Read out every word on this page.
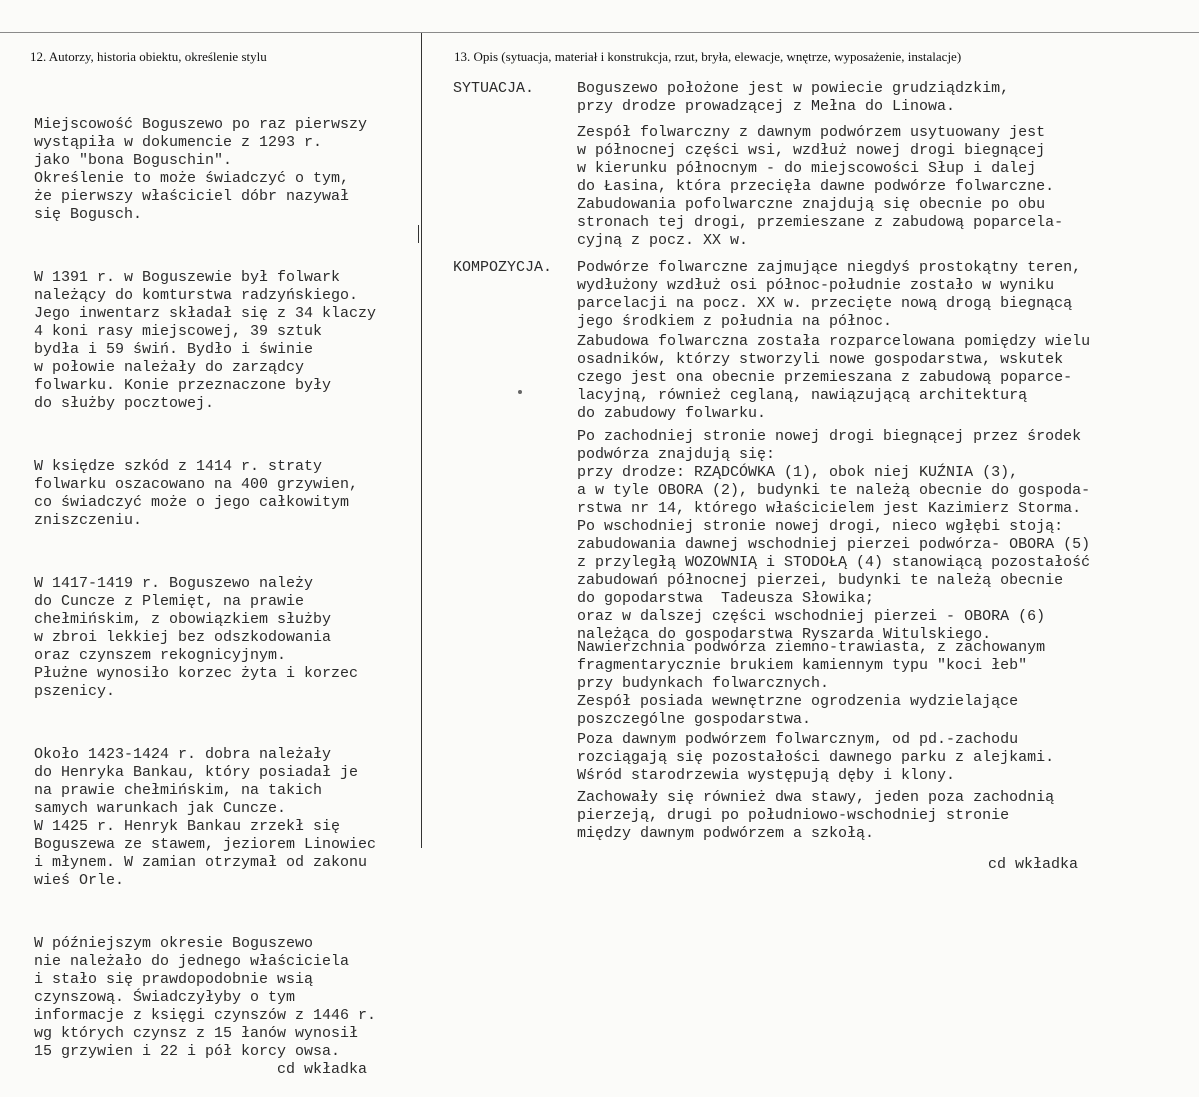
12. Autorzy, historia obiektu, określenie stylu	13. Opis (sytuacja, materiał i konstrukcja, rzut, bryła, elewacje, wnętrze, wyposażenie, instalacje)

Miejscowość Boguszewo po raz pierwszy
wystąpiła w dokumencie z 1293 r.
jako "bona Boguschin".
Określenie to może świadczyć o tym,
że pierwszy właściciel dóbr nazywał
się Bogusch.

W 1391 r. w Boguszewie był folwark
należący do komturstwa radzyńskiego.
Jego inwentarz składał się z 34 klaczy
4 koni rasy miejscowej, 39 sztuk
bydła i 59 świń. Bydło i świnie
w połowie należały do zarządcy
folwarku. Konie przeznaczone były
do służby pocztowej.

W księdze szkód z 1414 r. straty
folwarku oszacowano na 400 grzywien,
co świadczyć może o jego całkowitym
zniszczeniu.

W 1417-1419 r. Boguszewo należy
do Cuncze z Plemięt, na prawie
chełmińskim, z obowiązkiem służby
w zbroi lekkiej bez odszkodowania
oraz czynszem rekognicyjnym.
Płużne wynosiło korzec żyta i korzec
pszenicy.

Około 1423-1424 r. dobra należały
do Henryka Bankau, który posiadał je
na prawie chełmińskim, na takich
samych warunkach jak Cuncze.
W 1425 r. Henryk Bankau zrzekł się
Boguszewa ze stawem, jeziorem Linowiec
i młynem. W zamian otrzymał od zakonu
wieś Orle.

W późniejszym okresie Boguszewo
nie należało do jednego właściciela
i stało się prawdopodobnie wsią
czynszową. Świadczyłyby o tym
informacje z księgi czynszów z 1446 r.
wg których czynsz z 15 łanów wynosił
15 grzywien i 22 i pół korcy owsa.
cd wkładka

SYTUACJA.	Boguszewo położone jest w powiecie grudziądzkim,
przy drodze prowadzącej z Mełna do Linowa.
Zespół folwarczny z dawnym podwórzem usytuowany jest
w północnej części wsi, wzdłuż nowej drogi biegnącej
w kierunku północnym - do miejscowości Słup i dalej
do Łasina, która przecięła dawne podwórze folwarczne.
Zabudowania pofolwarczne znajdują się obecnie po obu
stronach tej drogi, przemieszane z zabudową poparcela-
cyjną z pocz. XX w.
KOMPOZYCJA. Podwórze folwarczne zajmujące niegdyś prostokątny teren,
wydłużony wzdłuż osi północ-południe zostało w wyniku
parcelacji na pocz. XX w. przecięte nową drogą biegnącą
jego środkiem z południa na północ.
Zabudowa folwarczna została rozparcelowana pomiędzy wielu
osadników, którzy stworzyli nowe gospodarstwa, wskutek
czego jest ona obecnie przemieszana z zabudową poparce-
lacyjną, również ceglaną, nawiązującą architekturą
do zabudowy folwarku.
Po zachodniej stronie nowej drogi biegnącej przez środek
podwórza znajdują się:
przy drodze: RZĄDCÓWKA (1), obok niej KUŹNIA (3),
a w tyle OBORA (2), budynki te należą obecnie do gospoda-
rstwa nr 14, którego właścicielem jest Kazimierz Storma.
Po wschodniej stronie nowej drogi, nieco wgłębi stoją:
zabudowania dawnej wschodniej pierzei podwórza- OBORA (5)
z przyległą WOZOWNIĄ i STODOŁĄ (4) stanowiącą pozostałość
zabudowań północnej pierzei, budynki te należą obecnie
do gopodarstwa  Tadeusza Słowika;
oraz w dalszej części wschodniej pierzei - OBORA (6)
należąca do gospodarstwa Ryszarda Witulskiego.
Nawierzchnia podwórza ziemno-trawiasta, z zachowanym
fragmentarycznie brukiem kamiennym typu "koci łeb"
przy budynkach folwarcznych.
Zespół posiada wewnętrzne ogrodzenia wydzielające
poszczególne gospodarstwa.
Poza dawnym podwórzem folwarcznym, od pd.-zachodu
rozciągają się pozostałości dawnego parku z alejkami.
Wśród starodrzewia występują dęby i klony.
Zachowały się również dwa stawy, jeden poza zachodnią
pierzeją, drugi po południowo-wschodniej stronie
między dawnym podwórzem a szkołą.
cd wkładka
